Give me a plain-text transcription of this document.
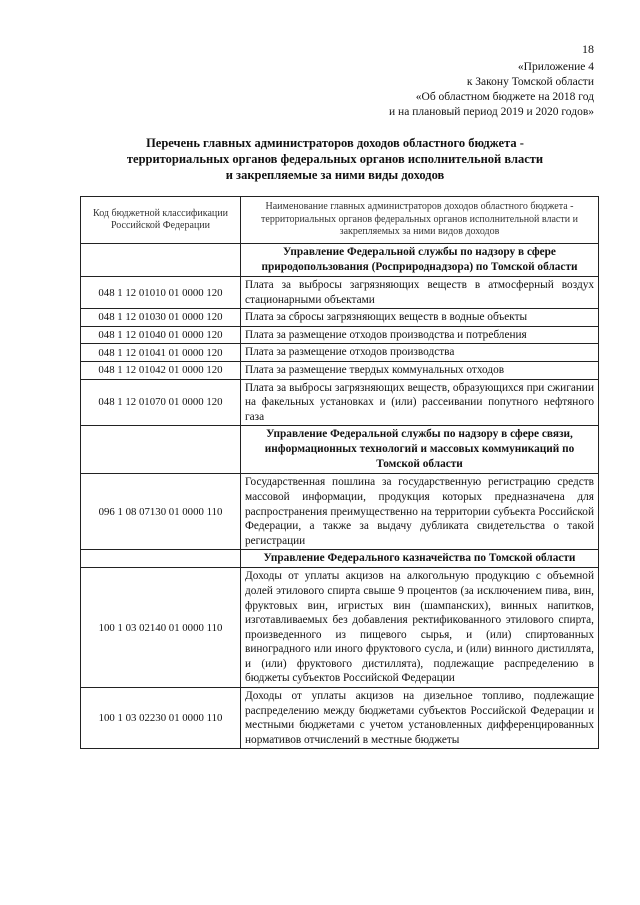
18
«Приложение 4
к Закону Томской области
«Об областном бюджете на 2018 год
и на плановый период 2019 и 2020 годов»
Перечень главных администраторов доходов областного бюджета -
территориальных органов федеральных органов исполнительной власти
и закрепляемые за ними виды доходов
Код бюджетной классификации Российской Федерации	Наименование главных администраторов доходов областного бюджета - территориальных органов федеральных органов исполнительной власти и закрепляемых за ними видов доходов
	Управление Федеральной службы по надзору в сфере природопользования (Росприроднадзора) по Томской области
048 1 12 01010 01 0000 120	Плата за выбросы загрязняющих веществ в атмосферный воздух стационарными объектами
048 1 12 01030 01 0000 120	Плата за сбросы загрязняющих веществ в водные объекты
048 1 12 01040 01 0000 120	Плата за размещение отходов производства и потребления
048 1 12 01041 01 0000 120	Плата за размещение отходов производства
048 1 12 01042 01 0000 120	Плата за размещение твердых коммунальных отходов
048 1 12 01070 01 0000 120	Плата за выбросы загрязняющих веществ, образующихся при сжигании на факельных установках и (или) рассеивании попутного нефтяного газа
	Управление Федеральной службы по надзору в сфере связи, информационных технологий и массовых коммуникаций по Томской области
096 1 08 07130 01 0000 110	Государственная пошлина за государственную регистрацию средств массовой информации, продукция которых предназначена для распространения преимущественно на территории субъекта Российской Федерации, а также за выдачу дубликата свидетельства о такой регистрации
	Управление Федерального казначейства по Томской области
100 1 03 02140 01 0000 110	Доходы от уплаты акцизов на алкогольную продукцию с объемной долей этилового спирта свыше 9 процентов (за исключением пива, вин, фруктовых вин, игристых вин (шампанских), винных напитков, изготавливаемых без добавления ректификованного этилового спирта, произведенного из пищевого сырья, и (или) спиртованных виноградного или иного фруктового сусла, и (или) винного дистиллята, и (или) фруктового дистиллята), подлежащие распределению в бюджеты субъектов Российской Федерации
100 1 03 02230 01 0000 110	Доходы от уплаты акцизов на дизельное топливо, подлежащие распределению между бюджетами субъектов Российской Федерации и местными бюджетами с учетом установленных дифференцированных нормативов отчислений в местные бюджеты
